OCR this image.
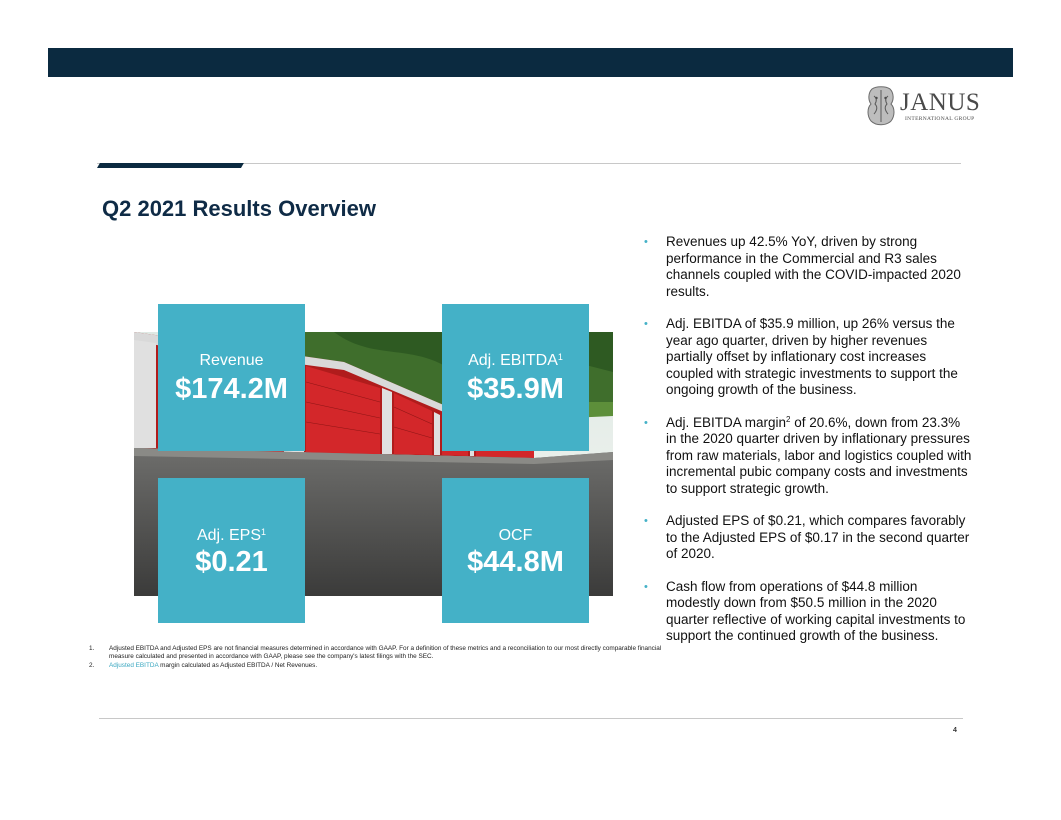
JANUS
INTERNATIONAL GROUP
Q2 2021 Results Overview
Revenue
$174.2M
Adj. EBITDA$^1$
$35.9M
Adj. EPS$^1$
$0.21
OCF
$44.8M
• Revenues up 42.5% YoY, driven by strong performance in the Commercial and R3 sales channels coupled with the COVID-impacted 2020 results.
• Adj. EBITDA of $35.9 million, up 26% versus the year ago quarter, driven by higher revenues partially offset by inflationary cost increases coupled with strategic investments to support the ongoing growth of the business.
• Adj. EBITDA margin$^2$ of 20.6%, down from 23.3% in the 2020 quarter driven by inflationary pressures from raw materials, labor and logistics coupled with incremental pubic company costs and investments to support strategic growth.
• Adjusted EPS of $0.21, which compares favorably to the Adjusted EPS of $0.17 in the second quarter of 2020.
• Cash flow from operations of $44.8 million modestly down from $50.5 million in the 2020 quarter reflective of working capital investments to support the continued growth of the business.
1. Adjusted EBITDA and Adjusted EPS are not financial measures determined in accordance with GAAP. For a definition of these metrics and a reconciliation to our most directly comparable financial measure calculated and presented in accordance with GAAP, please see the company's latest filings with the SEC.
2. Adjusted EBITDA margin calculated as Adjusted EBITDA / Net Revenues.
4
